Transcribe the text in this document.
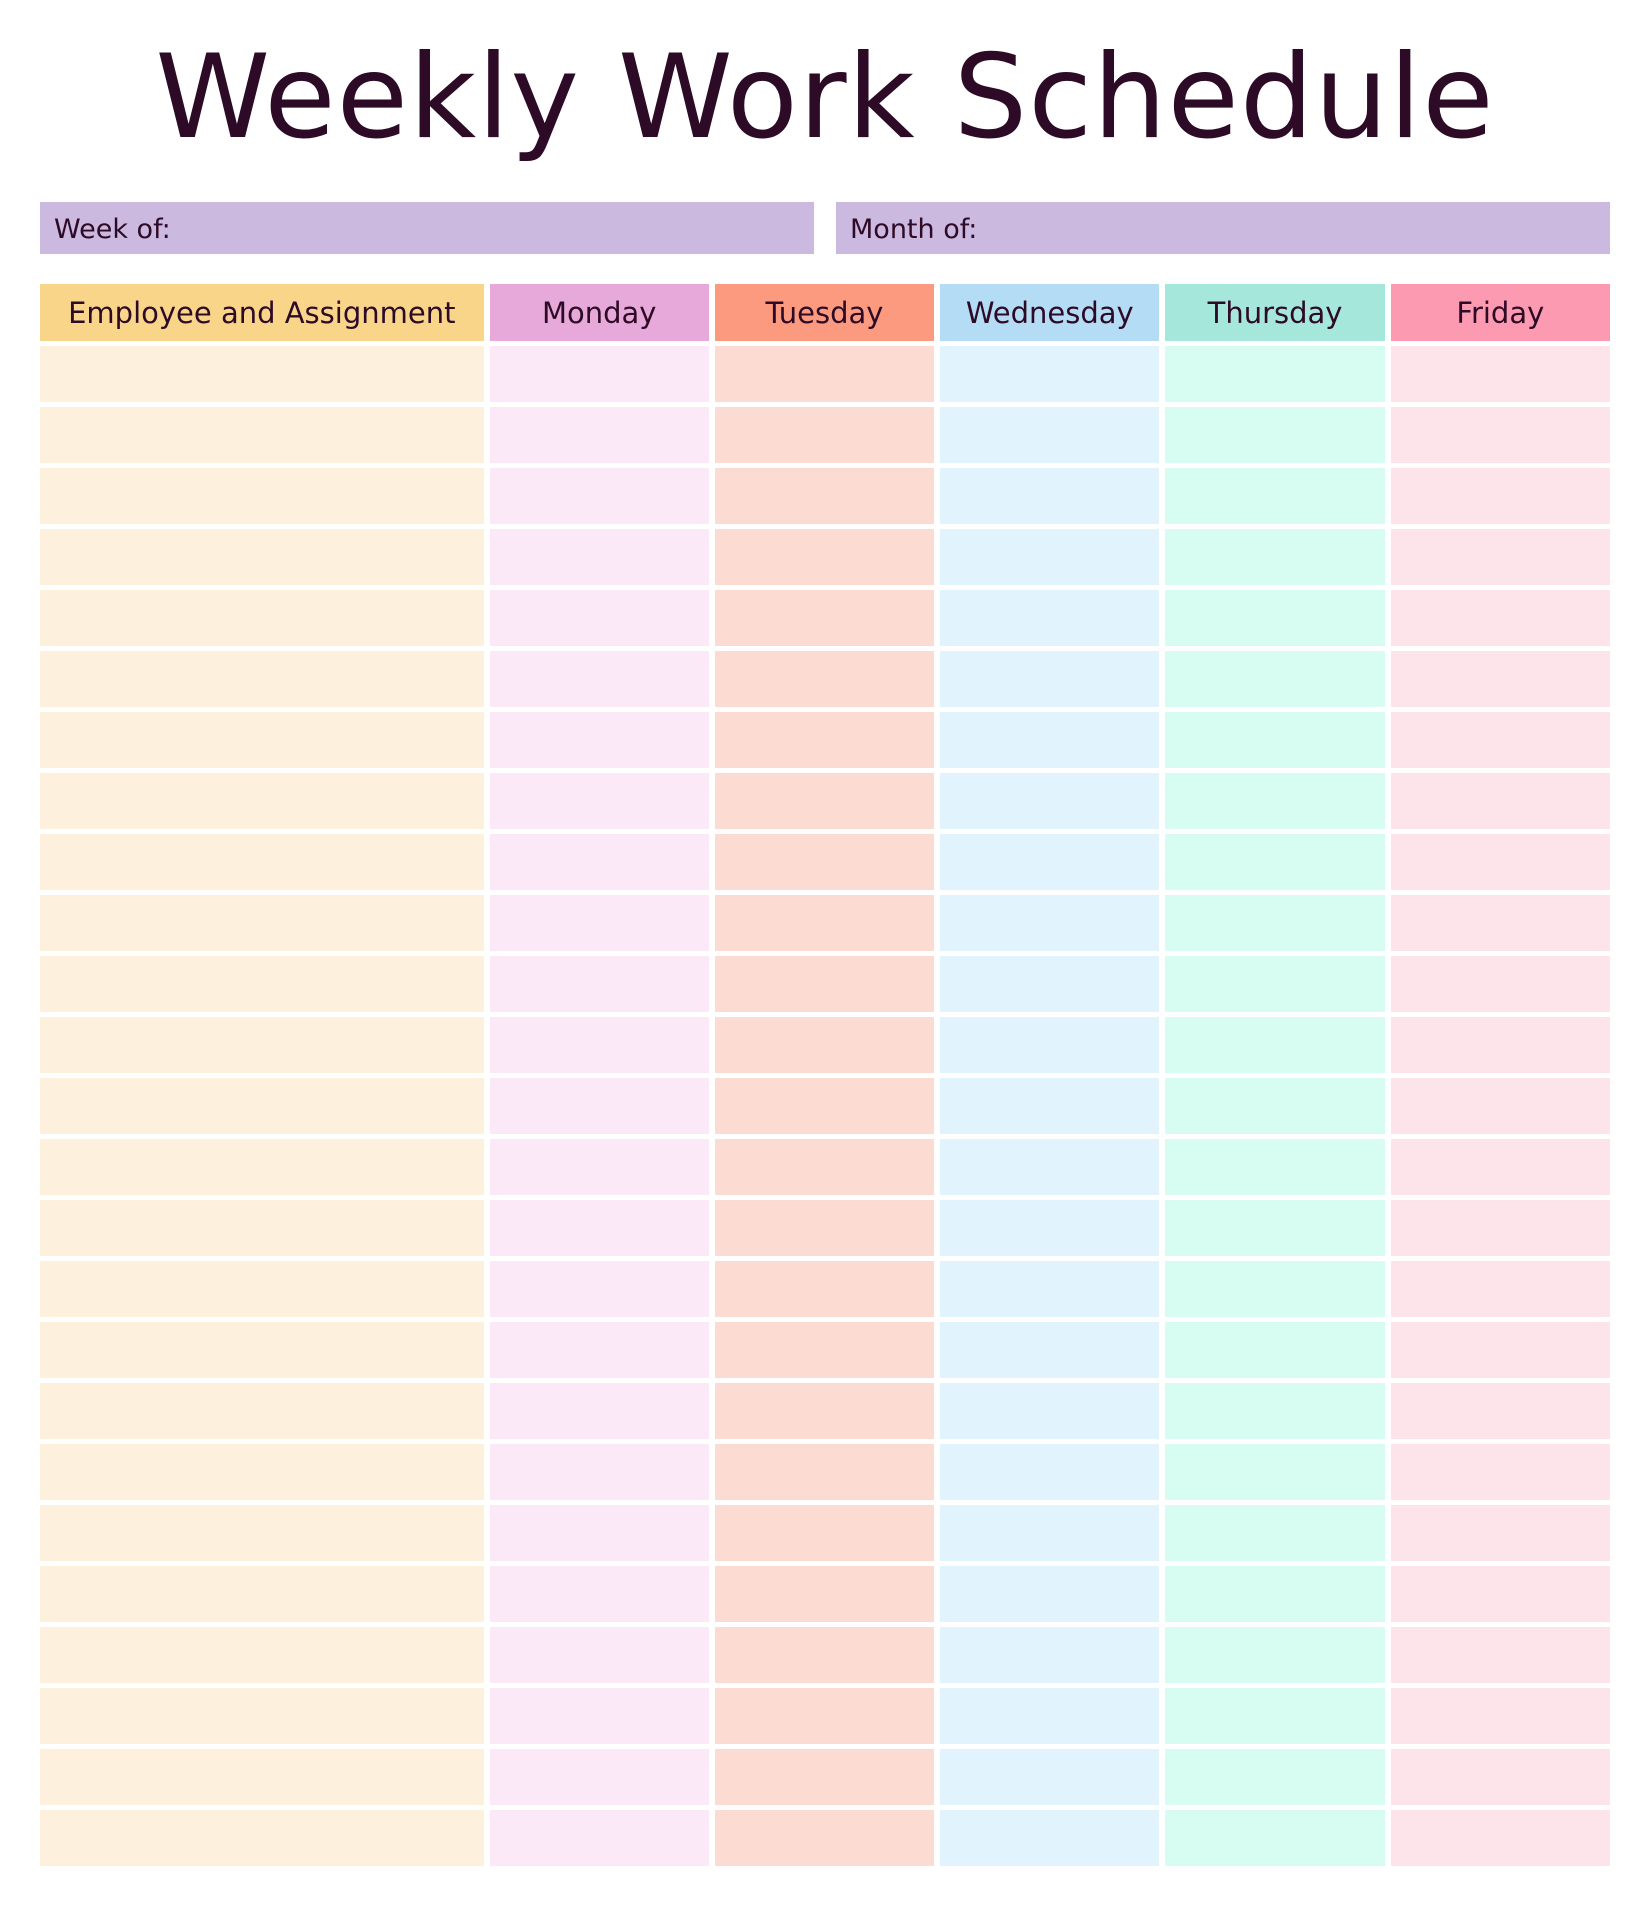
Weekly Work Schedule
Week of:	Month of:
Employee and Assignment	Monday	Tuesday	Wednesday	Thursday	Friday
